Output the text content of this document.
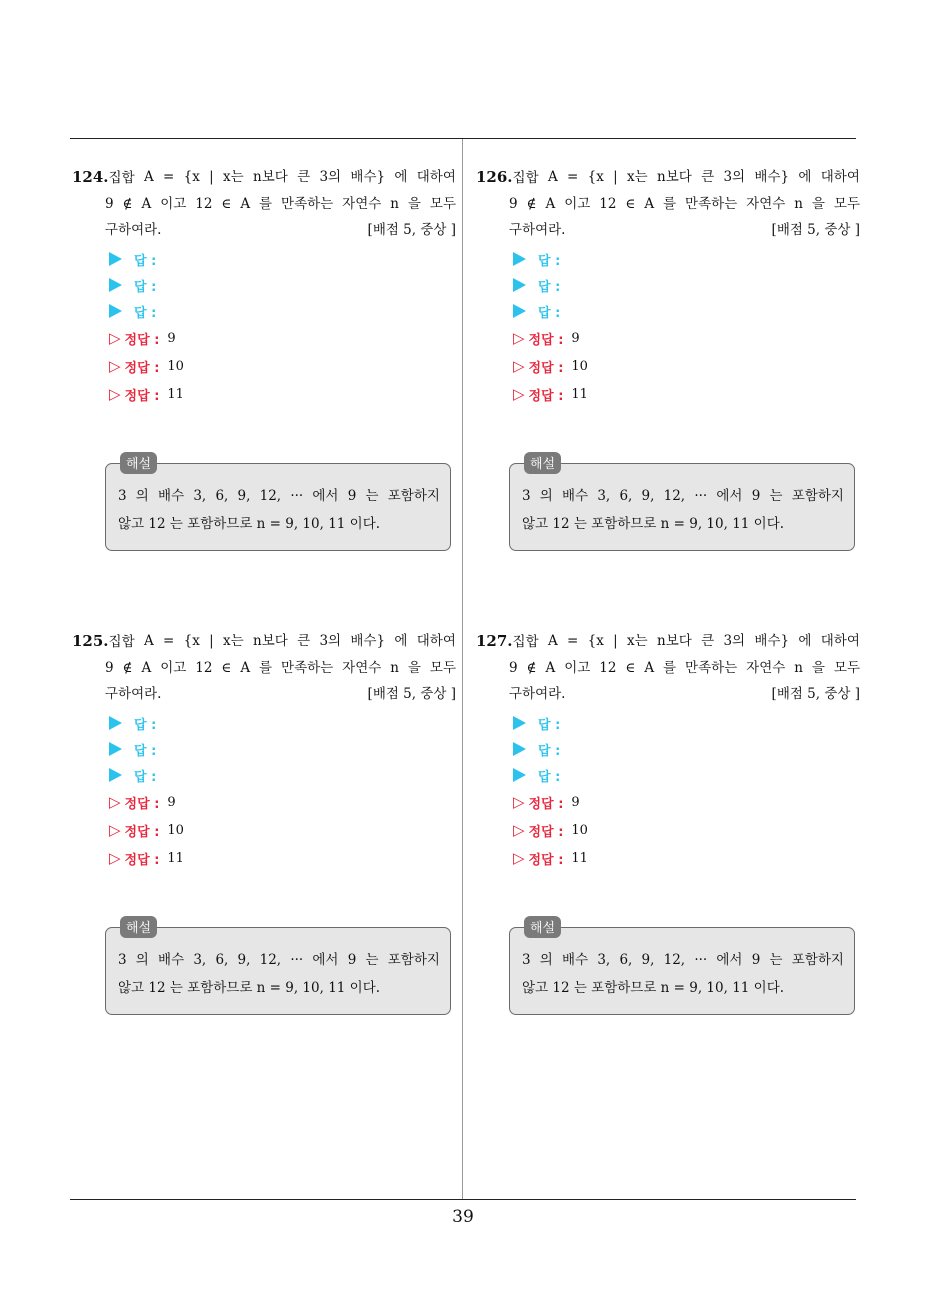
39
124.집합 A = {x | x는 n보다 큰 3의 배수} 에 대하여
9 ∉ A 이고 12 ∈ A 를 만족하는 자연수 n 을 모두
구하여라.	[배점 5, 중상 ]
답 :
답 :
답 :
▷ 정답 : 9
▷ 정답 : 10
▷ 정답 : 11
해설
3 의 배수 3, 6, 9, 12, ··· 에서 9 는 포함하지
않고 12 는 포함하므로 n = 9, 10, 11 이다.
126.집합 A = {x | x는 n보다 큰 3의 배수} 에 대하여
9 ∉ A 이고 12 ∈ A 를 만족하는 자연수 n 을 모두
구하여라.	[배점 5, 중상 ]
답 :
답 :
답 :
▷ 정답 : 9
▷ 정답 : 10
▷ 정답 : 11
해설
3 의 배수 3, 6, 9, 12, ··· 에서 9 는 포함하지
않고 12 는 포함하므로 n = 9, 10, 11 이다.
125.집합 A = {x | x는 n보다 큰 3의 배수} 에 대하여
9 ∉ A 이고 12 ∈ A 를 만족하는 자연수 n 을 모두
구하여라.	[배점 5, 중상 ]
답 :
답 :
답 :
▷ 정답 : 9
▷ 정답 : 10
▷ 정답 : 11
해설
3 의 배수 3, 6, 9, 12, ··· 에서 9 는 포함하지
않고 12 는 포함하므로 n = 9, 10, 11 이다.
127.집합 A = {x | x는 n보다 큰 3의 배수} 에 대하여
9 ∉ A 이고 12 ∈ A 를 만족하는 자연수 n 을 모두
구하여라.	[배점 5, 중상 ]
답 :
답 :
답 :
▷ 정답 : 9
▷ 정답 : 10
▷ 정답 : 11
해설
3 의 배수 3, 6, 9, 12, ··· 에서 9 는 포함하지
않고 12 는 포함하므로 n = 9, 10, 11 이다.
